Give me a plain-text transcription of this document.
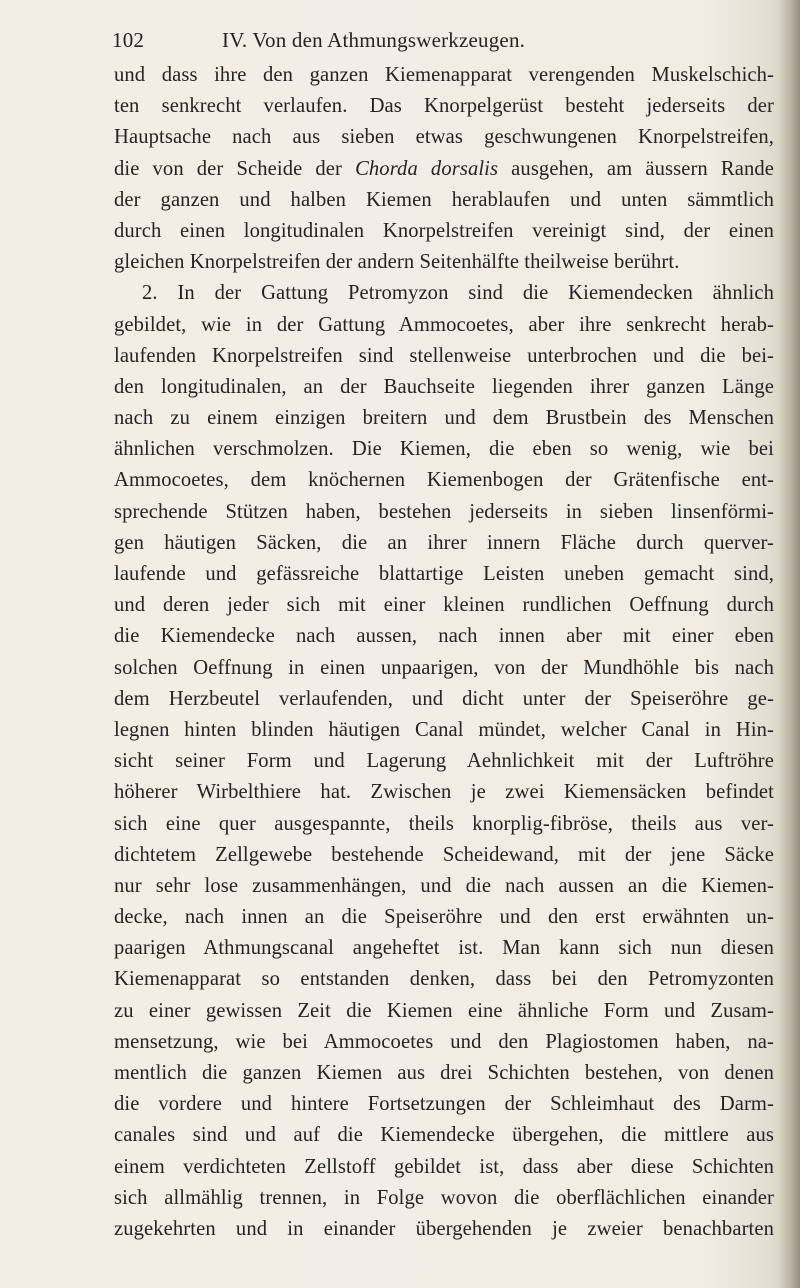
102	IV. Von den Athmungswerkzeugen.
und dass ihre den ganzen Kiemenapparat verengenden Muskelschich-
ten senkrecht verlaufen. Das Knorpelgerüst besteht jederseits der
Hauptsache nach aus sieben etwas geschwungenen Knorpelstreifen,
die von der Scheide der Chorda dorsalis ausgehen, am äussern Rande
der ganzen und halben Kiemen herablaufen und unten sämmtlich
durch einen longitudinalen Knorpelstreifen vereinigt sind, der einen
gleichen Knorpelstreifen der andern Seitenhälfte theilweise berührt.
2. In der Gattung Petromyzon sind die Kiemendecken ähnlich
gebildet, wie in der Gattung Ammocoetes, aber ihre senkrecht herab-
laufenden Knorpelstreifen sind stellenweise unterbrochen und die bei-
den longitudinalen, an der Bauchseite liegenden ihrer ganzen Länge
nach zu einem einzigen breitern und dem Brustbein des Menschen
ähnlichen verschmolzen. Die Kiemen, die eben so wenig, wie bei
Ammocoetes, dem knöchernen Kiemenbogen der Grätenfische ent-
sprechende Stützen haben, bestehen jederseits in sieben linsenförmi-
gen häutigen Säcken, die an ihrer innern Fläche durch querver-
laufende und gefässreiche blattartige Leisten uneben gemacht sind,
und deren jeder sich mit einer kleinen rundlichen Oeffnung durch
die Kiemendecke nach aussen, nach innen aber mit einer eben
solchen Oeffnung in einen unpaarigen, von der Mundhöhle bis nach
dem Herzbeutel verlaufenden, und dicht unter der Speiseröhre ge-
legnen hinten blinden häutigen Canal mündet, welcher Canal in Hin-
sicht seiner Form und Lagerung Aehnlichkeit mit der Luftröhre
höherer Wirbelthiere hat. Zwischen je zwei Kiemensäcken befindet
sich eine quer ausgespannte, theils knorplig-fibröse, theils aus ver-
dichtetem Zellgewebe bestehende Scheidewand, mit der jene Säcke
nur sehr lose zusammenhängen, und die nach aussen an die Kiemen-
decke, nach innen an die Speiseröhre und den erst erwähnten un-
paarigen Athmungscanal angeheftet ist. Man kann sich nun diesen
Kiemenapparat so entstanden denken, dass bei den Petromyzonten
zu einer gewissen Zeit die Kiemen eine ähnliche Form und Zusam-
mensetzung, wie bei Ammocoetes und den Plagiostomen haben, na-
mentlich die ganzen Kiemen aus drei Schichten bestehen, von denen
die vordere und hintere Fortsetzungen der Schleimhaut des Darm-
canales sind und auf die Kiemendecke übergehen, die mittlere aus
einem verdichteten Zellstoff gebildet ist, dass aber diese Schichten
sich allmählig trennen, in Folge wovon die oberflächlichen einander
zugekehrten und in einander übergehenden je zweier benachbarten
